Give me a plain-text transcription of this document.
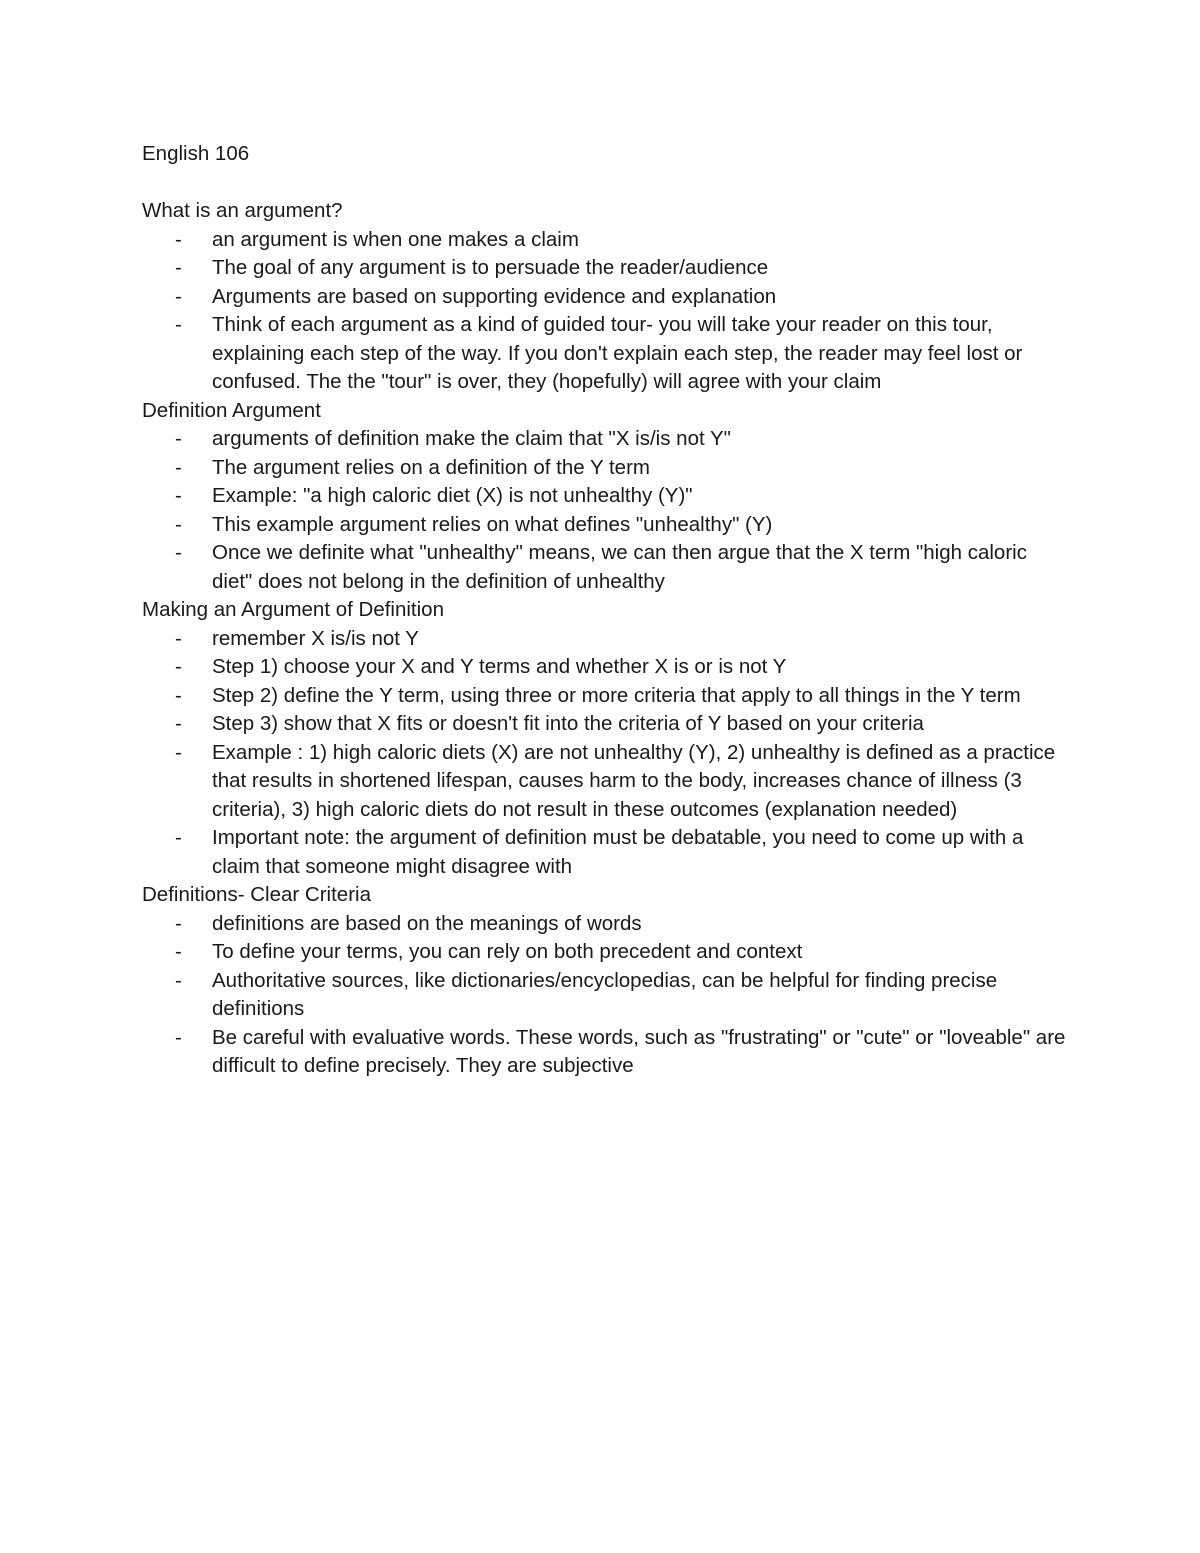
English 106

What is an argument?

- an argument is when one makes a claim
- The goal of any argument is to persuade the reader/audience
- Arguments are based on supporting evidence and explanation
- Think of each argument as a kind of guided tour- you will take your reader on this tour, explaining each step of the way. If you don't explain each step, the reader may feel lost or confused. The the "tour" is over, they (hopefully) will agree with your claim

Definition Argument

- arguments of definition make the claim that "X is/is not Y"
- The argument relies on a definition of the Y term
- Example: "a high caloric diet (X) is not unhealthy (Y)"
- This example argument relies on what defines "unhealthy" (Y)
- Once we definite what "unhealthy" means, we can then argue that the X term "high caloric diet" does not belong in the definition of unhealthy

Making an Argument of Definition

- remember X is/is not Y
- Step 1) choose your X and Y terms and whether X is or is not Y
- Step 2) define the Y term, using three or more criteria that apply to all things in the Y term
- Step 3) show that X fits or doesn't fit into the criteria of Y based on your criteria
- Example : 1) high caloric diets (X) are not unhealthy (Y), 2) unhealthy is defined as a practice that results in shortened lifespan, causes harm to the body, increases chance of illness (3 criteria), 3) high caloric diets do not result in these outcomes (explanation needed)
- Important note: the argument of definition must be debatable, you need to come up with a claim that someone might disagree with

Definitions- Clear Criteria

- definitions are based on the meanings of words
- To define your terms, you can rely on both precedent and context
- Authoritative sources, like dictionaries/encyclopedias, can be helpful for finding precise definitions
- Be careful with evaluative words. These words, such as "frustrating" or "cute" or "loveable" are difficult to define precisely. They are subjective
